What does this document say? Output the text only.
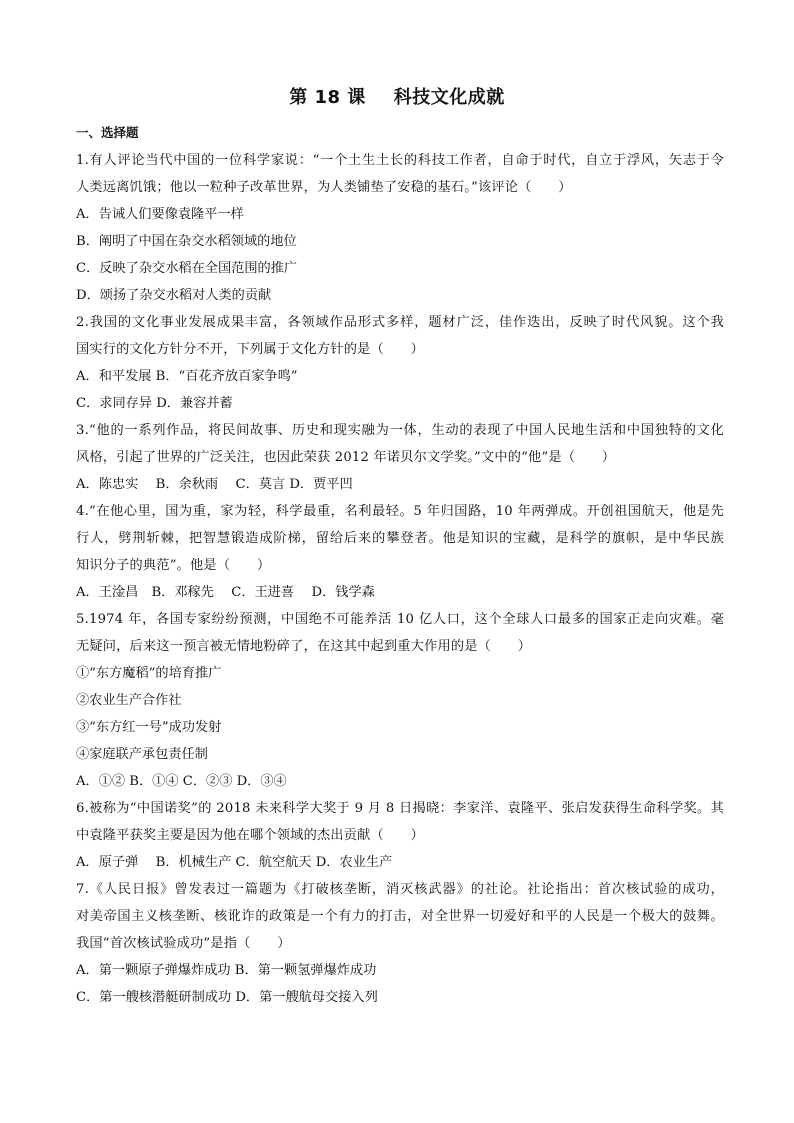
第 18 课 科技文化成就
一、选择题
1.有人评论当代中国的一位科学家说：“一个土生土长的科技工作者，自命于时代，自立于浮风，矢志于令
人类远离饥饿；他以一粒种子改革世界，为人类铺垫了安稳的基石。”该评论（　　）
A．告诫人们要像袁隆平一样
B．阐明了中国在杂交水稻领域的地位
C．反映了杂交水稻在全国范围的推广
D．颂扬了杂交水稻对人类的贡献
2.我国的文化事业发展成果丰富，各领域作品形式多样，题材广泛，佳作迭出，反映了时代风貌。这个我
国实行的文化方针分不开，下列属于文化方针的是（　　）
A．和平发展 B．“百花齐放百家争鸣”
C．求同存异 D．兼容并蓄
3.“他的一系列作品，将民间故事、历史和现实融为一体，生动的表现了中国人民地生活和中国独特的文化
风格，引起了世界的广泛关注，也因此荣获 2012 年诺贝尔文学奖。”文中的“他”是（　　）
A．陈忠实　 B．余秋雨　 C．莫言 D．贾平凹
4.“在他心里，国为重，家为轻，科学最重，名利最轻。5 年归国路，10 年两弹成。开创祖国航天，他是先
行人，劈荆斩棘，把智慧锻造成阶梯，留给后来的攀登者。他是知识的宝藏，是科学的旗帜，是中华民族
知识分子的典范”。他是（　　）
A．王淦昌　B．邓稼先　 C．王进喜　 D．钱学森
5.1974 年，各国专家纷纷预测，中国绝不可能养活 10 亿人口，这个全球人口最多的国家正走向灾难。毫
无疑问，后来这一预言被无情地粉碎了，在这其中起到重大作用的是（　　）
①“东方魔稻”的培育推广
②农业生产合作社
③“东方红一号”成功发射
④家庭联产承包责任制
A．①② B．①④ C．②③ D．③④
6.被称为“中国诺奖”的 2018 未来科学大奖于 9 月 8 日揭晓：李家洋、袁隆平、张启发获得生命科学奖。其
中袁隆平获奖主要是因为他在哪个领域的杰出贡献（　　）
A．原子弹　 B．机械生产 C．航空航天 D．农业生产
7.《人民日报》曾发表过一篇题为《打破核垄断，消灭核武器》的社论。社论指出：首次核试验的成功，
对美帝国主义核垄断、核讹诈的政策是一个有力的打击，对全世界一切爱好和平的人民是一个极大的鼓舞。
我国“首次核试验成功”是指（　　）
A．第一颗原子弹爆炸成功 B．第一颗氢弹爆炸成功
C．第一艘核潜艇研制成功 D．第一艘航母交接入列
